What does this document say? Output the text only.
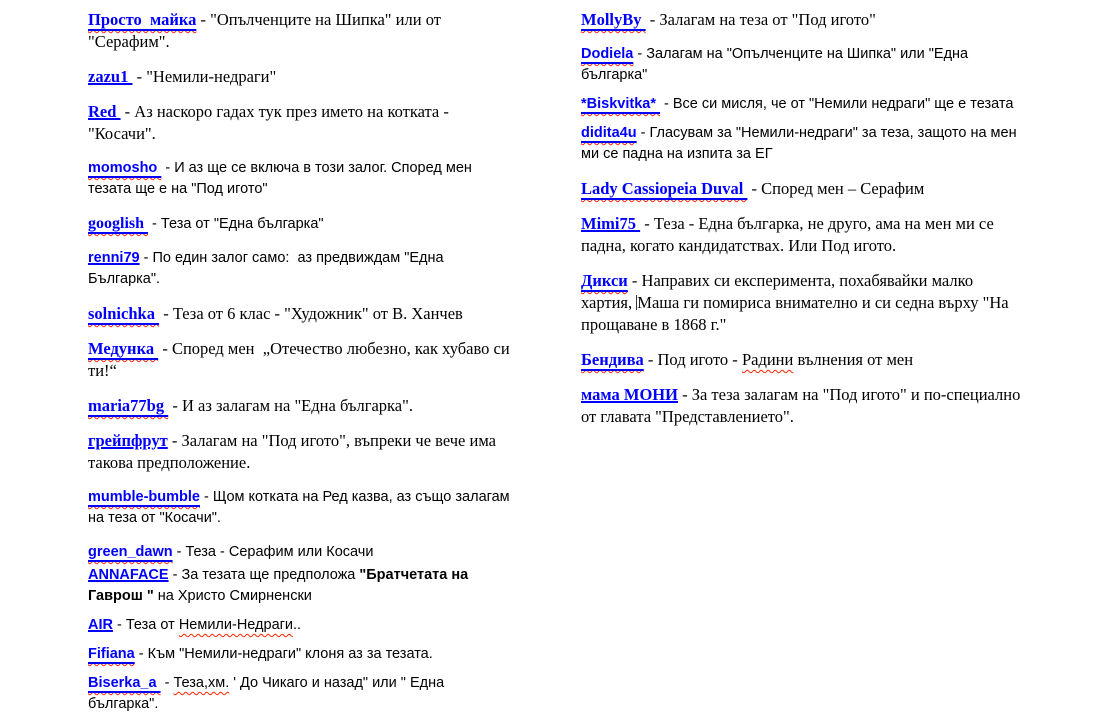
Просто  майка - "Опълченците на Шипка" или от "Серафим".
zazu1  - "Немили-недраги"
Red  - Аз наскоро гадах тук през името на котката - "Косачи".
momosho  - И аз ще се включа в този залог. Според мен тезата ще е на "Под игото"
googlish  - Теза от "Една българка"
renni79 - По един залог само:  аз предвиждам "Една Българка".
solnichka  - Теза от 6 клас - "Художник" от В. Ханчев
Медунка  - Според мен  „Отечество любезно, как хубаво си ти!“
maria77bg  - И аз залагам на "Една българка".
грейпфрут - Залагам на "Под игото", въпреки че вече има такова предположение.
mumble-bumble - Щом котката на Ред казва, аз също залагам на теза от "Косачи".
green_dawn - Теза - Серафим или Косачи
ANNAFACE - За тезата ще предположа "Братчетата на Гаврош " на Христо Смирненски
AIR - Теза от Немили-Недраги..
Fifiana - Към "Немили-недраги" клоня аз за тезата.
Biserka_a  - Теза,хм. ' До Чикаго и назад" или " Една българка".
MollyBy  - Залагам на теза от "Под игото"
Dodiela - Залагам на "Опълченците на Шипка" или "Една българка"
*Biskvitka*  - Все си мисля, че от "Немили недраги" ще е тезата
didita4u - Гласувам за "Немили-недраги" за теза, защото на мен ми се падна на изпита за ЕГ
Lady Cassiopeia Duval  - Според мен – Серафим
Mimi75  - Теза - Една българка, не друго, ама на мен ми се падна, когато кандидатствах. Или Под игото.
Дикси - Направих си експеримента, похабявайки малко хартия, Маша ги помириса внимателно и си седна върху "На прощаване в 1868 г."
Бендива - Под игото - Радини вълнения от мен
мама МОНИ - За теза залагам на "Под игото" и по-специално от главата "Представлението".
